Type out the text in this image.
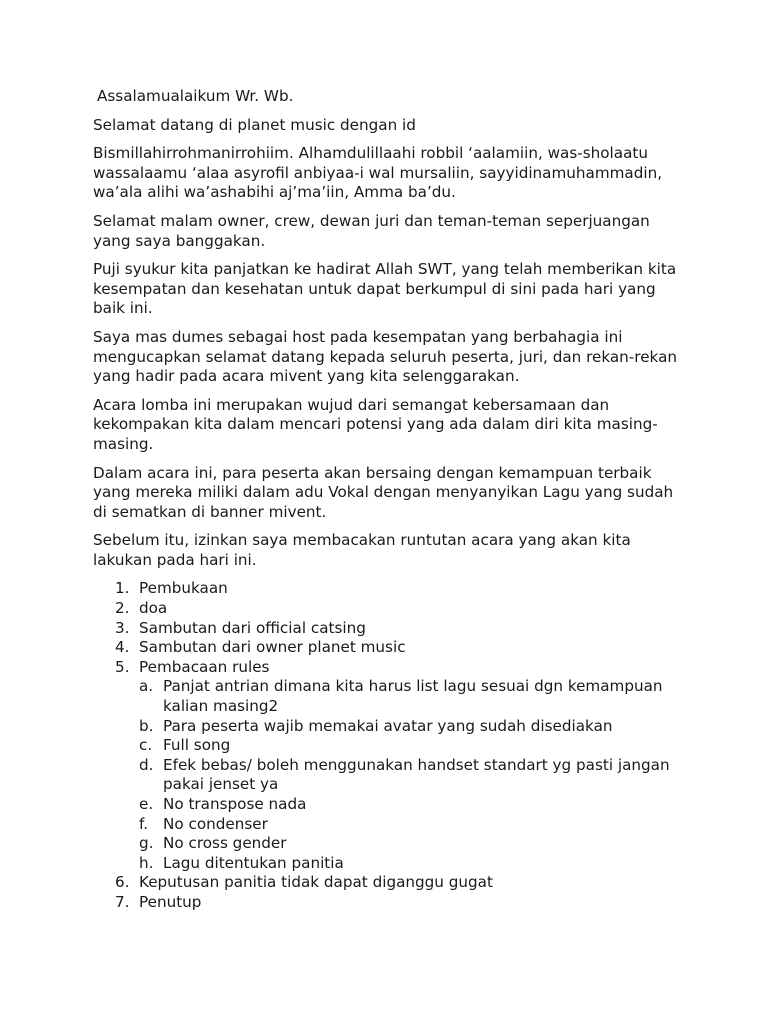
Assalamualaikum Wr. Wb.

Selamat datang di planet music dengan id

Bismillahirrohmanirrohiim. Alhamdulillaahi robbil ‘aalamiin, was-sholaatu wassalaamu ‘alaa asyrofil anbiyaa-i wal mursaliin, sayyidinamuhammadin, wa’ala alihi wa’ashabihi aj’ma’iin, Amma ba’du.

Selamat malam owner, crew, dewan juri dan teman-teman seperjuangan yang saya banggakan.

Puji syukur kita panjatkan ke hadirat Allah SWT, yang telah memberikan kita kesempatan dan kesehatan untuk dapat berkumpul di sini pada hari yang baik ini.

Saya mas dumes sebagai host pada kesempatan yang berbahagia ini mengucapkan selamat datang kepada seluruh peserta, juri, dan rekan-rekan yang hadir pada acara mivent yang kita selenggarakan.

Acara lomba ini merupakan wujud dari semangat kebersamaan dan kekompakan kita dalam mencari potensi yang ada dalam diri kita masing-masing.

Dalam acara ini, para peserta akan bersaing dengan kemampuan terbaik yang mereka miliki dalam adu Vokal dengan menyanyikan Lagu yang sudah di sematkan di banner mivent.

Sebelum itu, izinkan saya membacakan runtutan acara yang akan kita lakukan pada hari ini.

1. Pembukaan
2. doa
3. Sambutan dari official catsing
4. Sambutan dari owner planet music
5. Pembacaan rules
a. Panjat antrian dimana kita harus list lagu sesuai dgn kemampuan kalian masing2
b. Para peserta wajib memakai avatar yang sudah disediakan
c. Full song
d. Efek bebas/ boleh menggunakan handset standart yg pasti jangan pakai jenset ya
e. No transpose nada
f. No condenser
g. No cross gender
h. Lagu ditentukan panitia
6. Keputusan panitia tidak dapat diganggu gugat
7. Penutup
